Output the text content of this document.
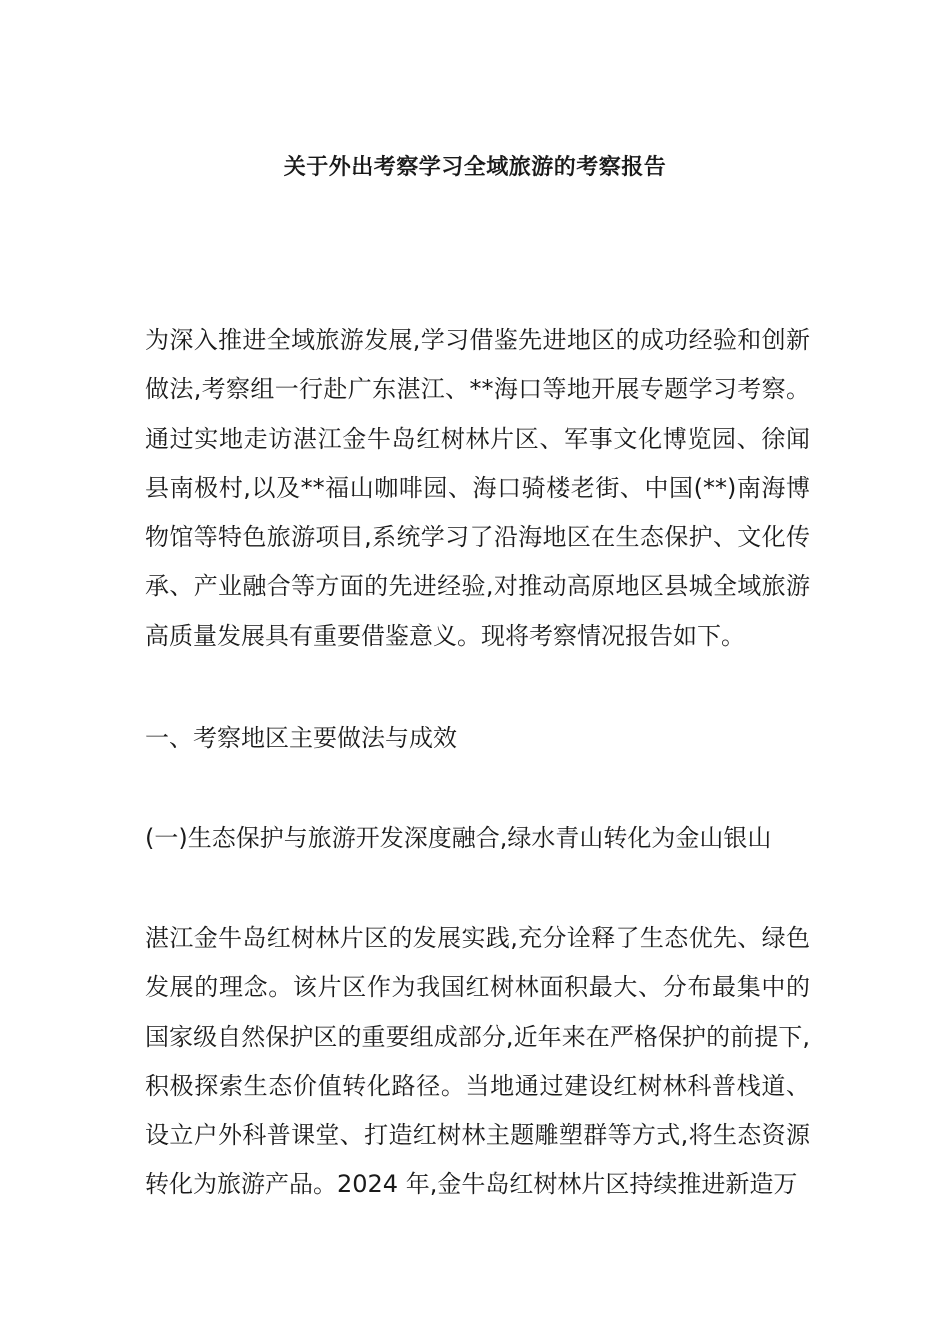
关于外出考察学习全域旅游的考察报告

为深入推进全域旅游发展,学习借鉴先进地区的成功经验和创新做法,考察组一行赴广东湛江、**海口等地开展专题学习考察。通过实地走访湛江金牛岛红树林片区、军事文化博览园、徐闻县南极村,以及**福山咖啡园、海口骑楼老街、中国(**)南海博物馆等特色旅游项目,系统学习了沿海地区在生态保护、文化传承、产业融合等方面的先进经验,对推动高原地区县城全域旅游高质量发展具有重要借鉴意义。现将考察情况报告如下。

一、考察地区主要做法与成效

(一)生态保护与旅游开发深度融合,绿水青山转化为金山银山

湛江金牛岛红树林片区的发展实践,充分诠释了生态优先、绿色发展的理念。该片区作为我国红树林面积最大、分布最集中的国家级自然保护区的重要组成部分,近年来在严格保护的前提下,积极探索生态价值转化路径。当地通过建设红树林科普栈道、设立户外科普课堂、打造红树林主题雕塑群等方式,将生态资源转化为旅游产品。2024 年,金牛岛红树林片区持续推进新造万
